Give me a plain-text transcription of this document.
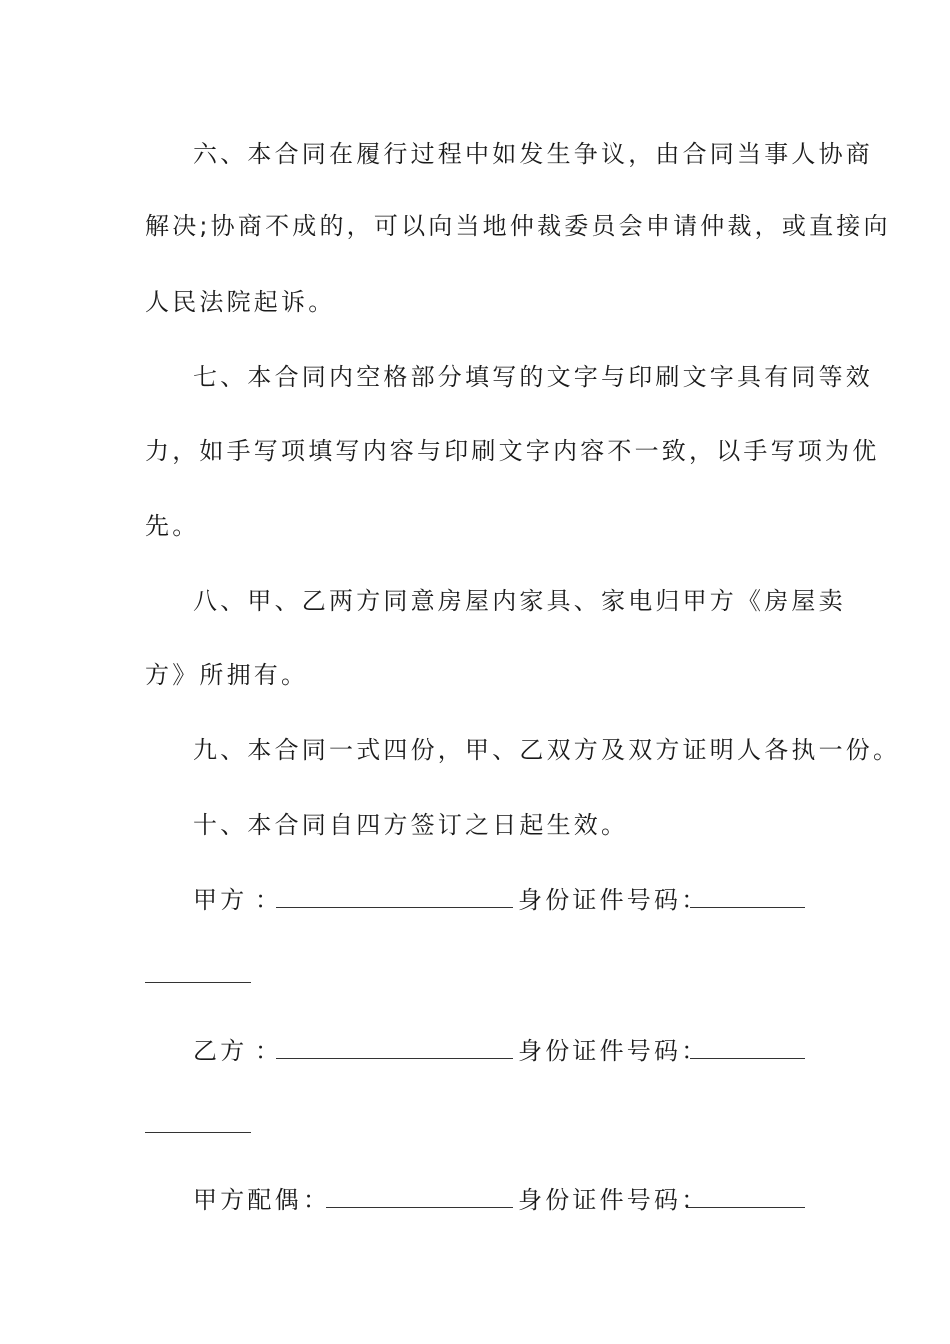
六、本合同在履行过程中如发生争议，由合同当事人协商
解决;协商不成的，可以向当地仲裁委员会申请仲裁，或直接向
人民法院起诉。
七、本合同内空格部分填写的文字与印刷文字具有同等效
力，如手写项填写内容与印刷文字内容不一致，以手写项为优
先。
八、甲、乙两方同意房屋内家具、家电归甲方《房屋卖
方》所拥有。
九、本合同一式四份，甲、乙双方及双方证明人各执一份。
十、本合同自四方签订之日起生效。
甲方 ：	身份证件号码：
乙方 ：	身份证件号码：
甲方配偶 ：	身份证件号码：
